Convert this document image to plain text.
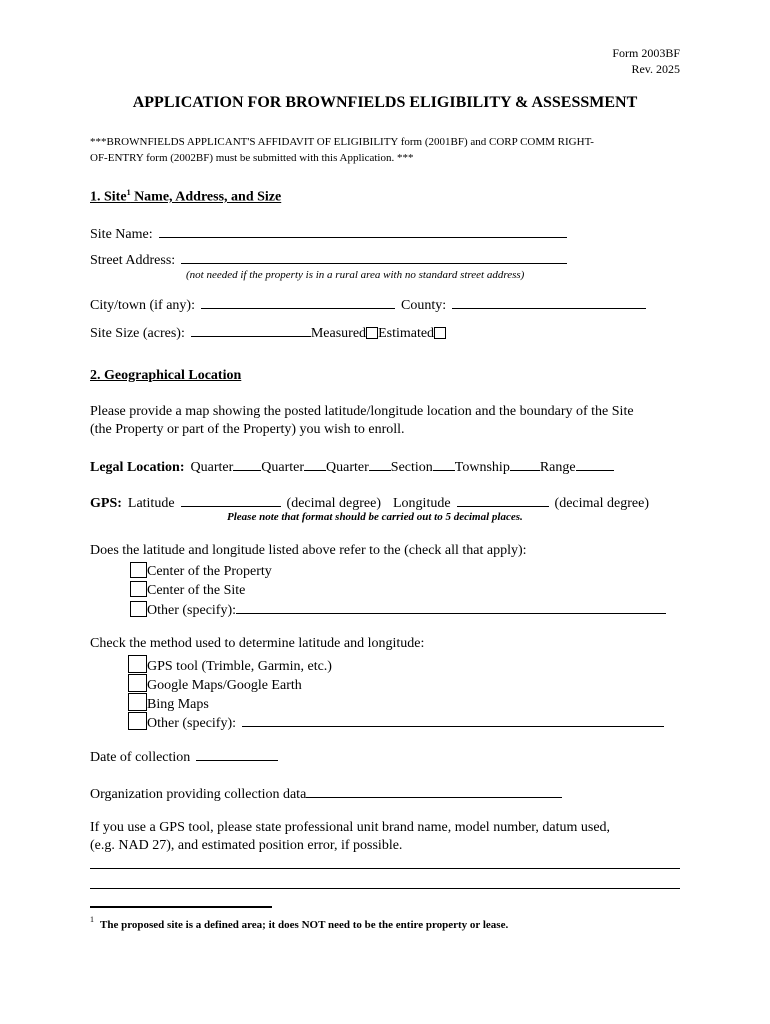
Form 2003BF
Rev. 2025
APPLICATION FOR BROWNFIELDS ELIGIBILITY & ASSESSMENT
***BROWNFIELDS APPLICANT'S AFFIDAVIT OF ELIGIBILITY form (2001BF) and CORP COMM RIGHT-
OF-ENTRY form (2002BF) must be submitted with this Application. ***
1. Site$^1$ Name, Address, and Size
Site Name:
Street Address:
(not needed if the property is in a rural area with no standard street address)
City/town (if any):	County:
Site Size (acres):	Measured Estimated
2. Geographical Location
Please provide a map showing the posted latitude/longitude location and the boundary of the Site
(the Property or part of the Property) you wish to enroll.
Legal Location: Quarter Quarter Quarter Section Township Range
GPS: Latitude	(decimal degree) Longitude	(decimal degree)
Please note that format should be carried out to 5 decimal places.
Does the latitude and longitude listed above refer to the (check all that apply):
Center of the Property
Center of the Site
Other (specify):
Check the method used to determine latitude and longitude:
GPS tool (Trimble, Garmin, etc.)
Google Maps/Google Earth
Bing Maps
Other (specify):
Date of collection
Organization providing collection data
If you use a GPS tool, please state professional unit brand name, model number, datum used,
(e.g. NAD 27), and estimated position error, if possible.
$^1$ The proposed site is a defined area; it does NOT need to be the entire property or lease.
